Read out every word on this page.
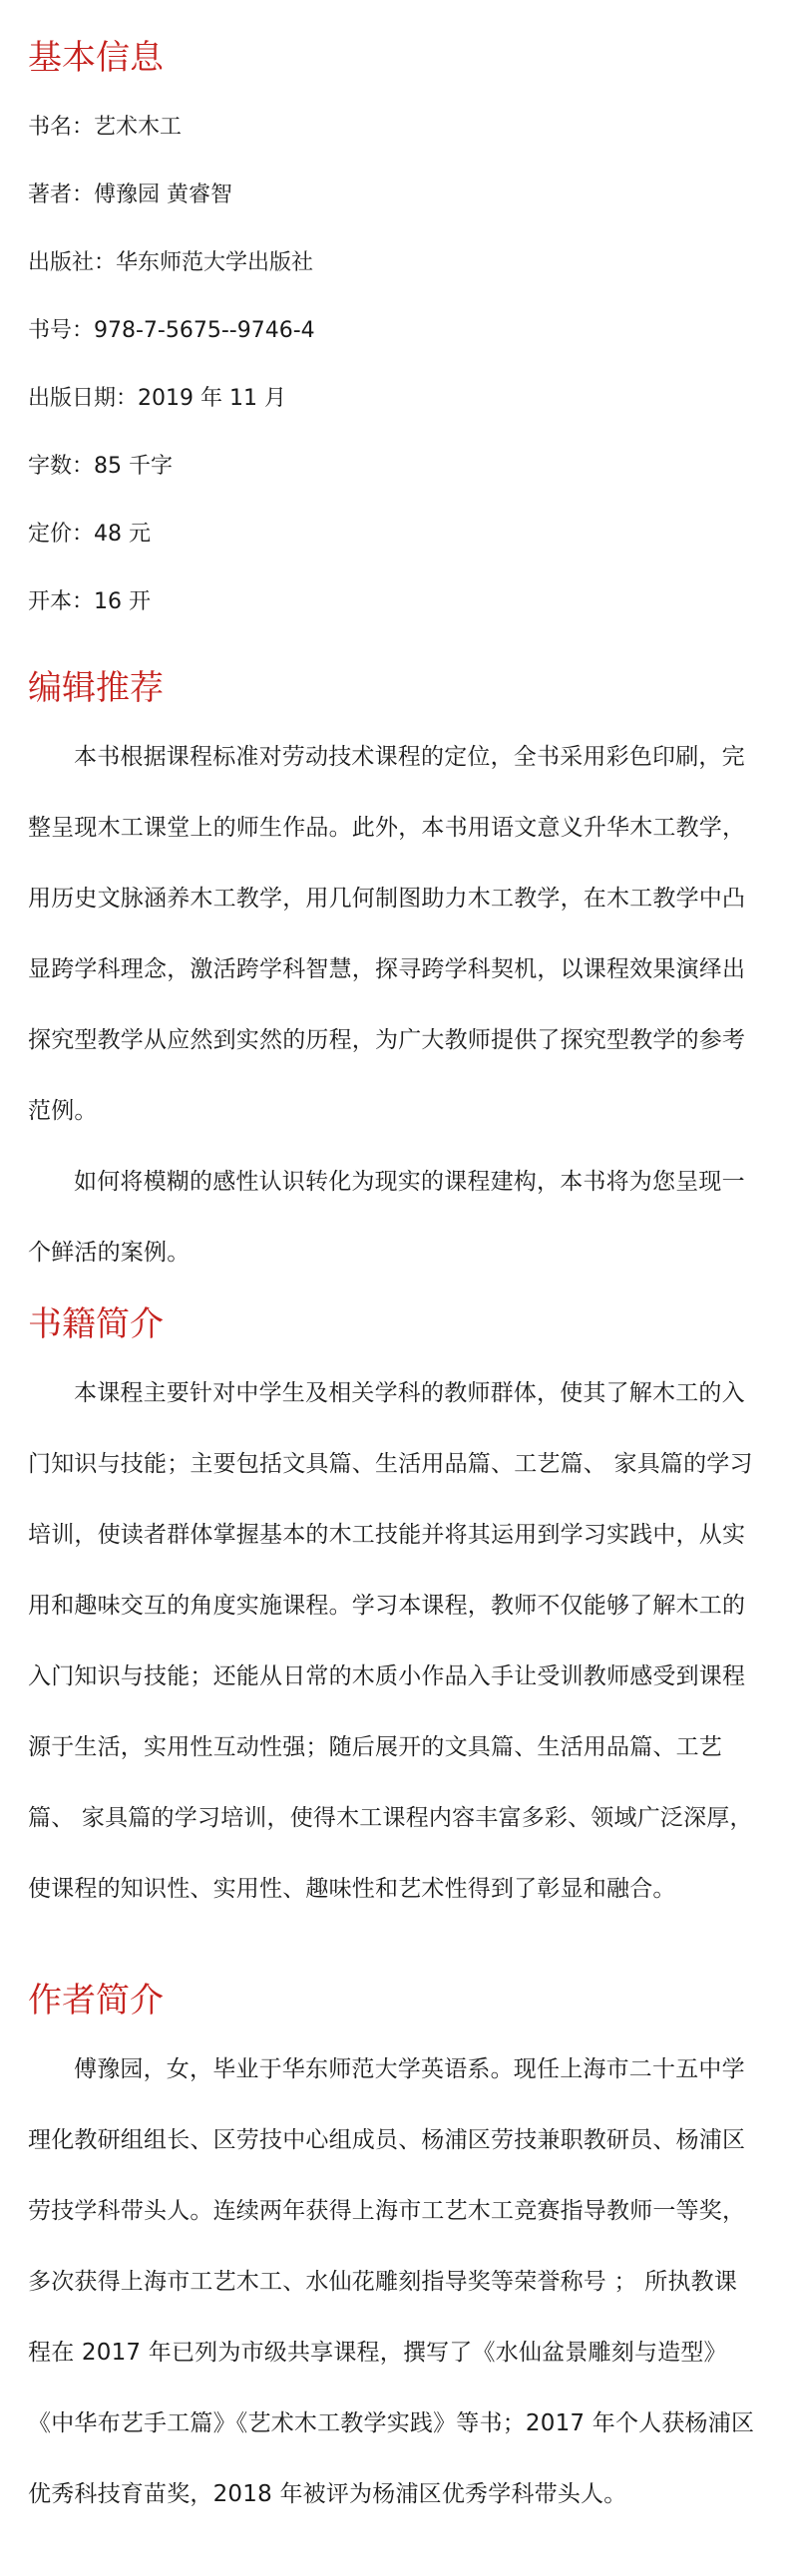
基本信息

书名：艺术木工

著者：傅豫园 黄睿智

出版社：华东师范大学出版社

书号：978-7-5675--9746-4

出版日期：2019 年 11 月

字数：85 千字

定价：48 元

开本：16 开

编辑推荐

本书根据课程标准对劳动技术课程的定位，全书采用彩色印刷，完整呈现木工课堂上的师生作品。此外，本书用语文意义升华木工教学，用历史文脉涵养木工教学，用几何制图助力木工教学，在木工教学中凸显跨学科理念，激活跨学科智慧，探寻跨学科契机，以课程效果演绎出探究型教学从应然到实然的历程，为广大教师提供了探究型教学的参考范例。

如何将模糊的感性认识转化为现实的课程建构，本书将为您呈现一个鲜活的案例。

书籍简介

本课程主要针对中学生及相关学科的教师群体，使其了解木工的入门知识与技能；主要包括文具篇、生活用品篇、工艺篇、 家具篇的学习培训，使读者群体掌握基本的木工技能并将其运用到学习实践中，从实用和趣味交互的角度实施课程。学习本课程，教师不仅能够了解木工的入门知识与技能；还能从日常的木质小作品入手让受训教师感受到课程源于生活，实用性互动性强；随后展开的文具篇、生活用品篇、工艺篇、 家具篇的学习培训，使得木工课程内容丰富多彩、领域广泛深厚，使课程的知识性、实用性、趣味性和艺术性得到了彰显和融合。

作者简介

傅豫园，女，毕业于华东师范大学英语系。现任上海市二十五中学理化教研组组长、区劳技中心组成员、杨浦区劳技兼职教研员、杨浦区劳技学科带头人。连续两年获得上海市工艺木工竞赛指导教师一等奖，多次获得上海市工艺木工、水仙花雕刻指导奖等荣誉称号 ； 所执教课程在 2017 年已列为市级共享课程，撰写了《水仙盆景雕刻与造型》《中华布艺手工篇》《艺术木工教学实践》等书；2017 年个人获杨浦区优秀科技育苗奖，2018 年被评为杨浦区优秀学科带头人。
